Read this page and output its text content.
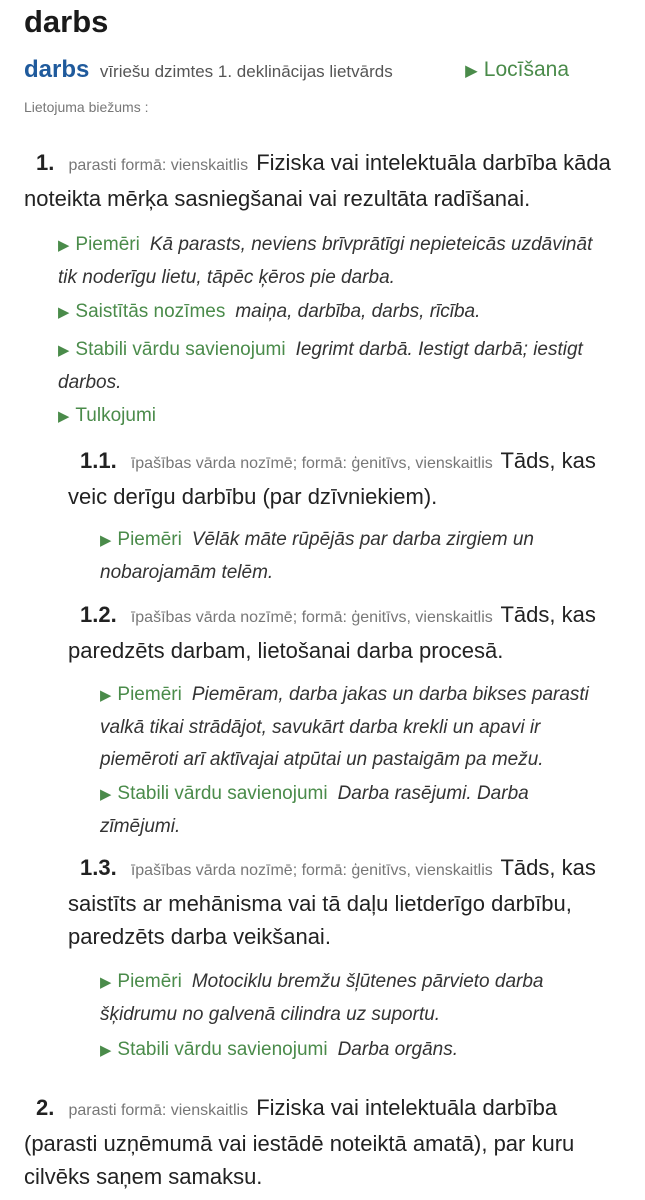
darbs
darbs vīriešu dzimtes 1. deklinācijas lietvārds	▶ Locīšana
Lietojuma biežums :
1. parasti formā: vienskaitlis Fiziska vai intelektuāla darbība kāda noteikta mērķa sasniegšanai vai rezultāta radīšanai.
▶ Piemēri Kā parasts, neviens brīvprātīgi nepieteicās uzdāvināt tik noderīgu lietu, tāpēc ķēros pie darba.
▶ Saistītās nozīmes maiņa, darbība, darbs, rīcība.
▶ Stabili vārdu savienojumi Iegrimt darbā. Iestigt darbā; iestigt darbos.
▶ Tulkojumi
1.1. īpašības vārda nozīmē; formā: ģenitīvs, vienskaitlis Tāds, kas veic derīgu darbību (par dzīvniekiem).
▶ Piemēri Vēlāk māte rūpējās par darba zirgiem un nobarojamām telēm.
1.2. īpašības vārda nozīmē; formā: ģenitīvs, vienskaitlis Tāds, kas paredzēts darbam, lietošanai darba procesā.
▶ Piemēri Piemēram, darba jakas un darba bikses parasti valkā tikai strādājot, savukārt darba krekli un apavi ir piemēroti arī aktīvajai atpūtai un pastaigām pa mežu.
▶ Stabili vārdu savienojumi Darba rasējumi. Darba zīmējumi.
1.3. īpašības vārda nozīmē; formā: ģenitīvs, vienskaitlis Tāds, kas saistīts ar mehānisma vai tā daļu lietderīgo darbību, paredzēts darba veikšanai.
▶ Piemēri Motociklu bremžu šļūtenes pārvieto darba šķidrumu no galvenā cilindra uz suportu.
▶ Stabili vārdu savienojumi Darba orgāns.
2. parasti formā: vienskaitlis Fiziska vai intelektuāla darbība (parasti uzņēmumā vai iestādē noteiktā amatā), par kuru cilvēks saņem samaksu.
